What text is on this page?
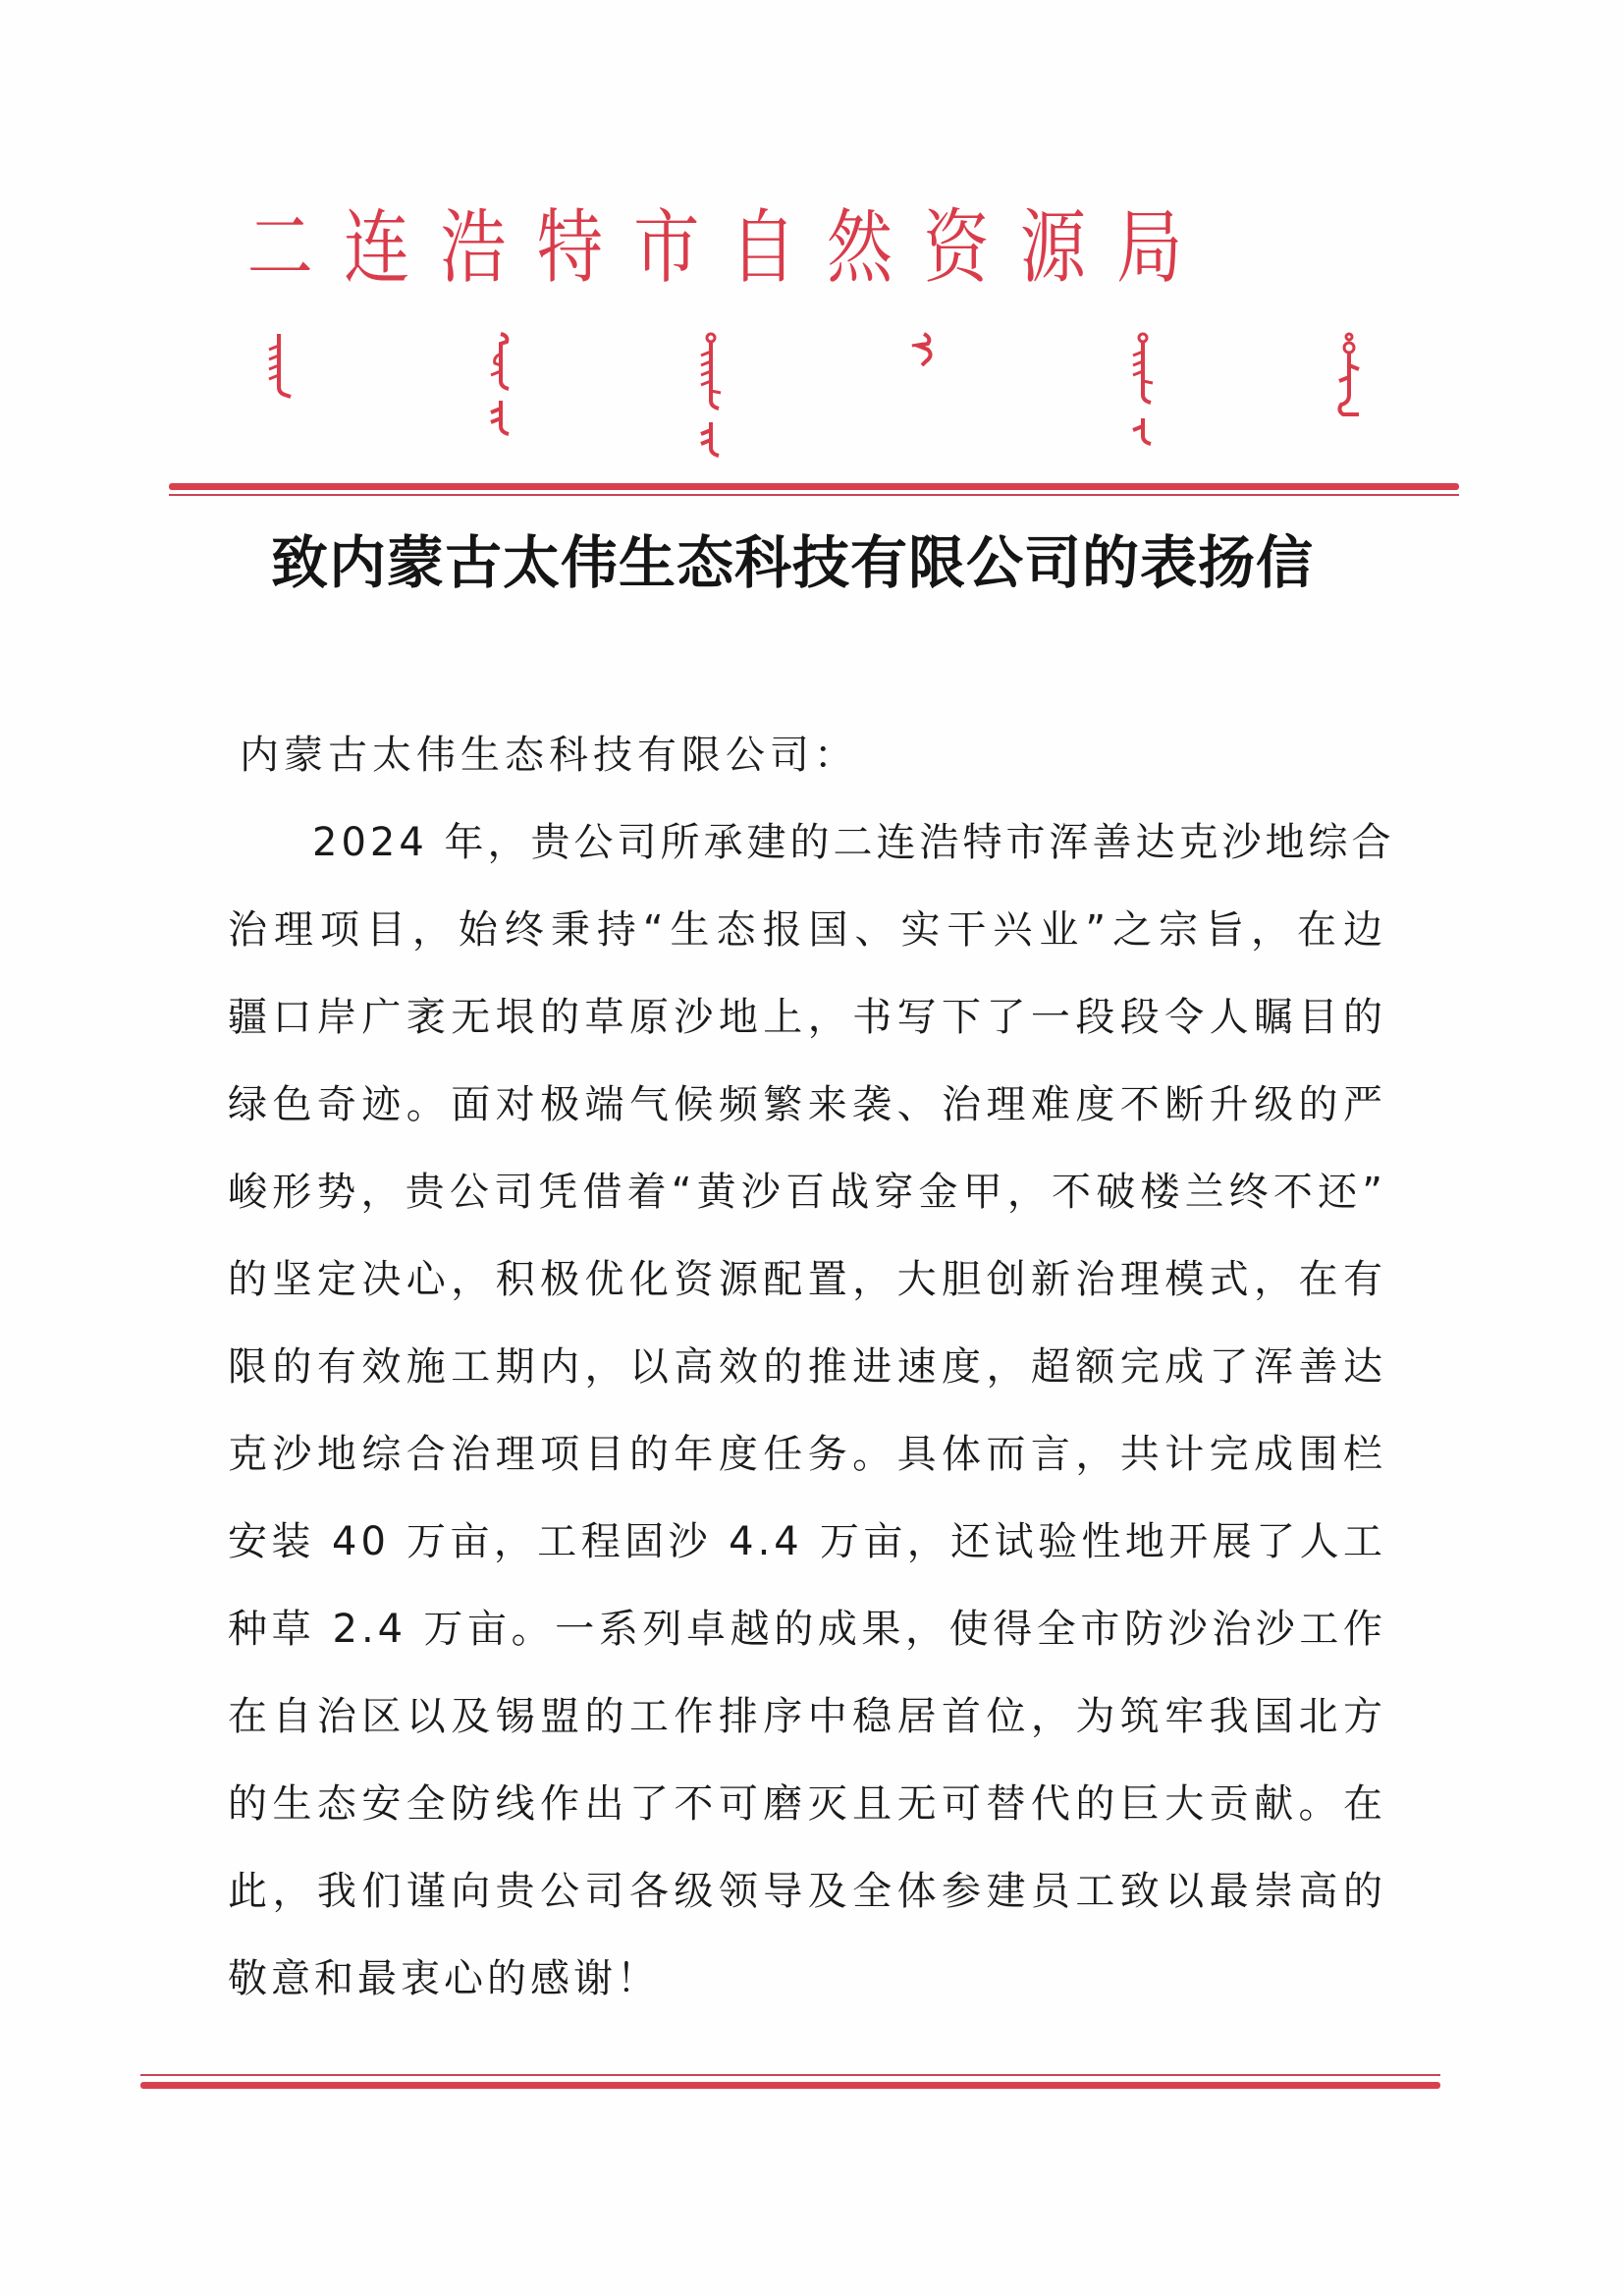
二 连 浩 特 市 自 然 资 源 局
致内蒙古太伟生态科技有限公司的表扬信
内蒙古太伟生态科技有限公司：
2024 年，贵公司所承建的二连浩特市浑善达克沙地综合
治理项目，始终秉持“生态报国、实干兴业”之宗旨，在边
疆口岸广袤无垠的草原沙地上，书写下了一段段令人瞩目的
绿色奇迹。面对极端气候频繁来袭、治理难度不断升级的严
峻形势，贵公司凭借着“黄沙百战穿金甲，不破楼兰终不还”
的坚定决心，积极优化资源配置，大胆创新治理模式，在有
限的有效施工期内，以高效的推进速度，超额完成了浑善达
克沙地综合治理项目的年度任务。具体而言，共计完成围栏
安装 40 万亩，工程固沙 4.4 万亩，还试验性地开展了人工
种草 2.4 万亩。一系列卓越的成果，使得全市防沙治沙工作
在自治区以及锡盟的工作排序中稳居首位，为筑牢我国北方
的生态安全防线作出了不可磨灭且无可替代的巨大贡献。在
此，我们谨向贵公司各级领导及全体参建员工致以最崇高的
敬意和最衷心的感谢！
